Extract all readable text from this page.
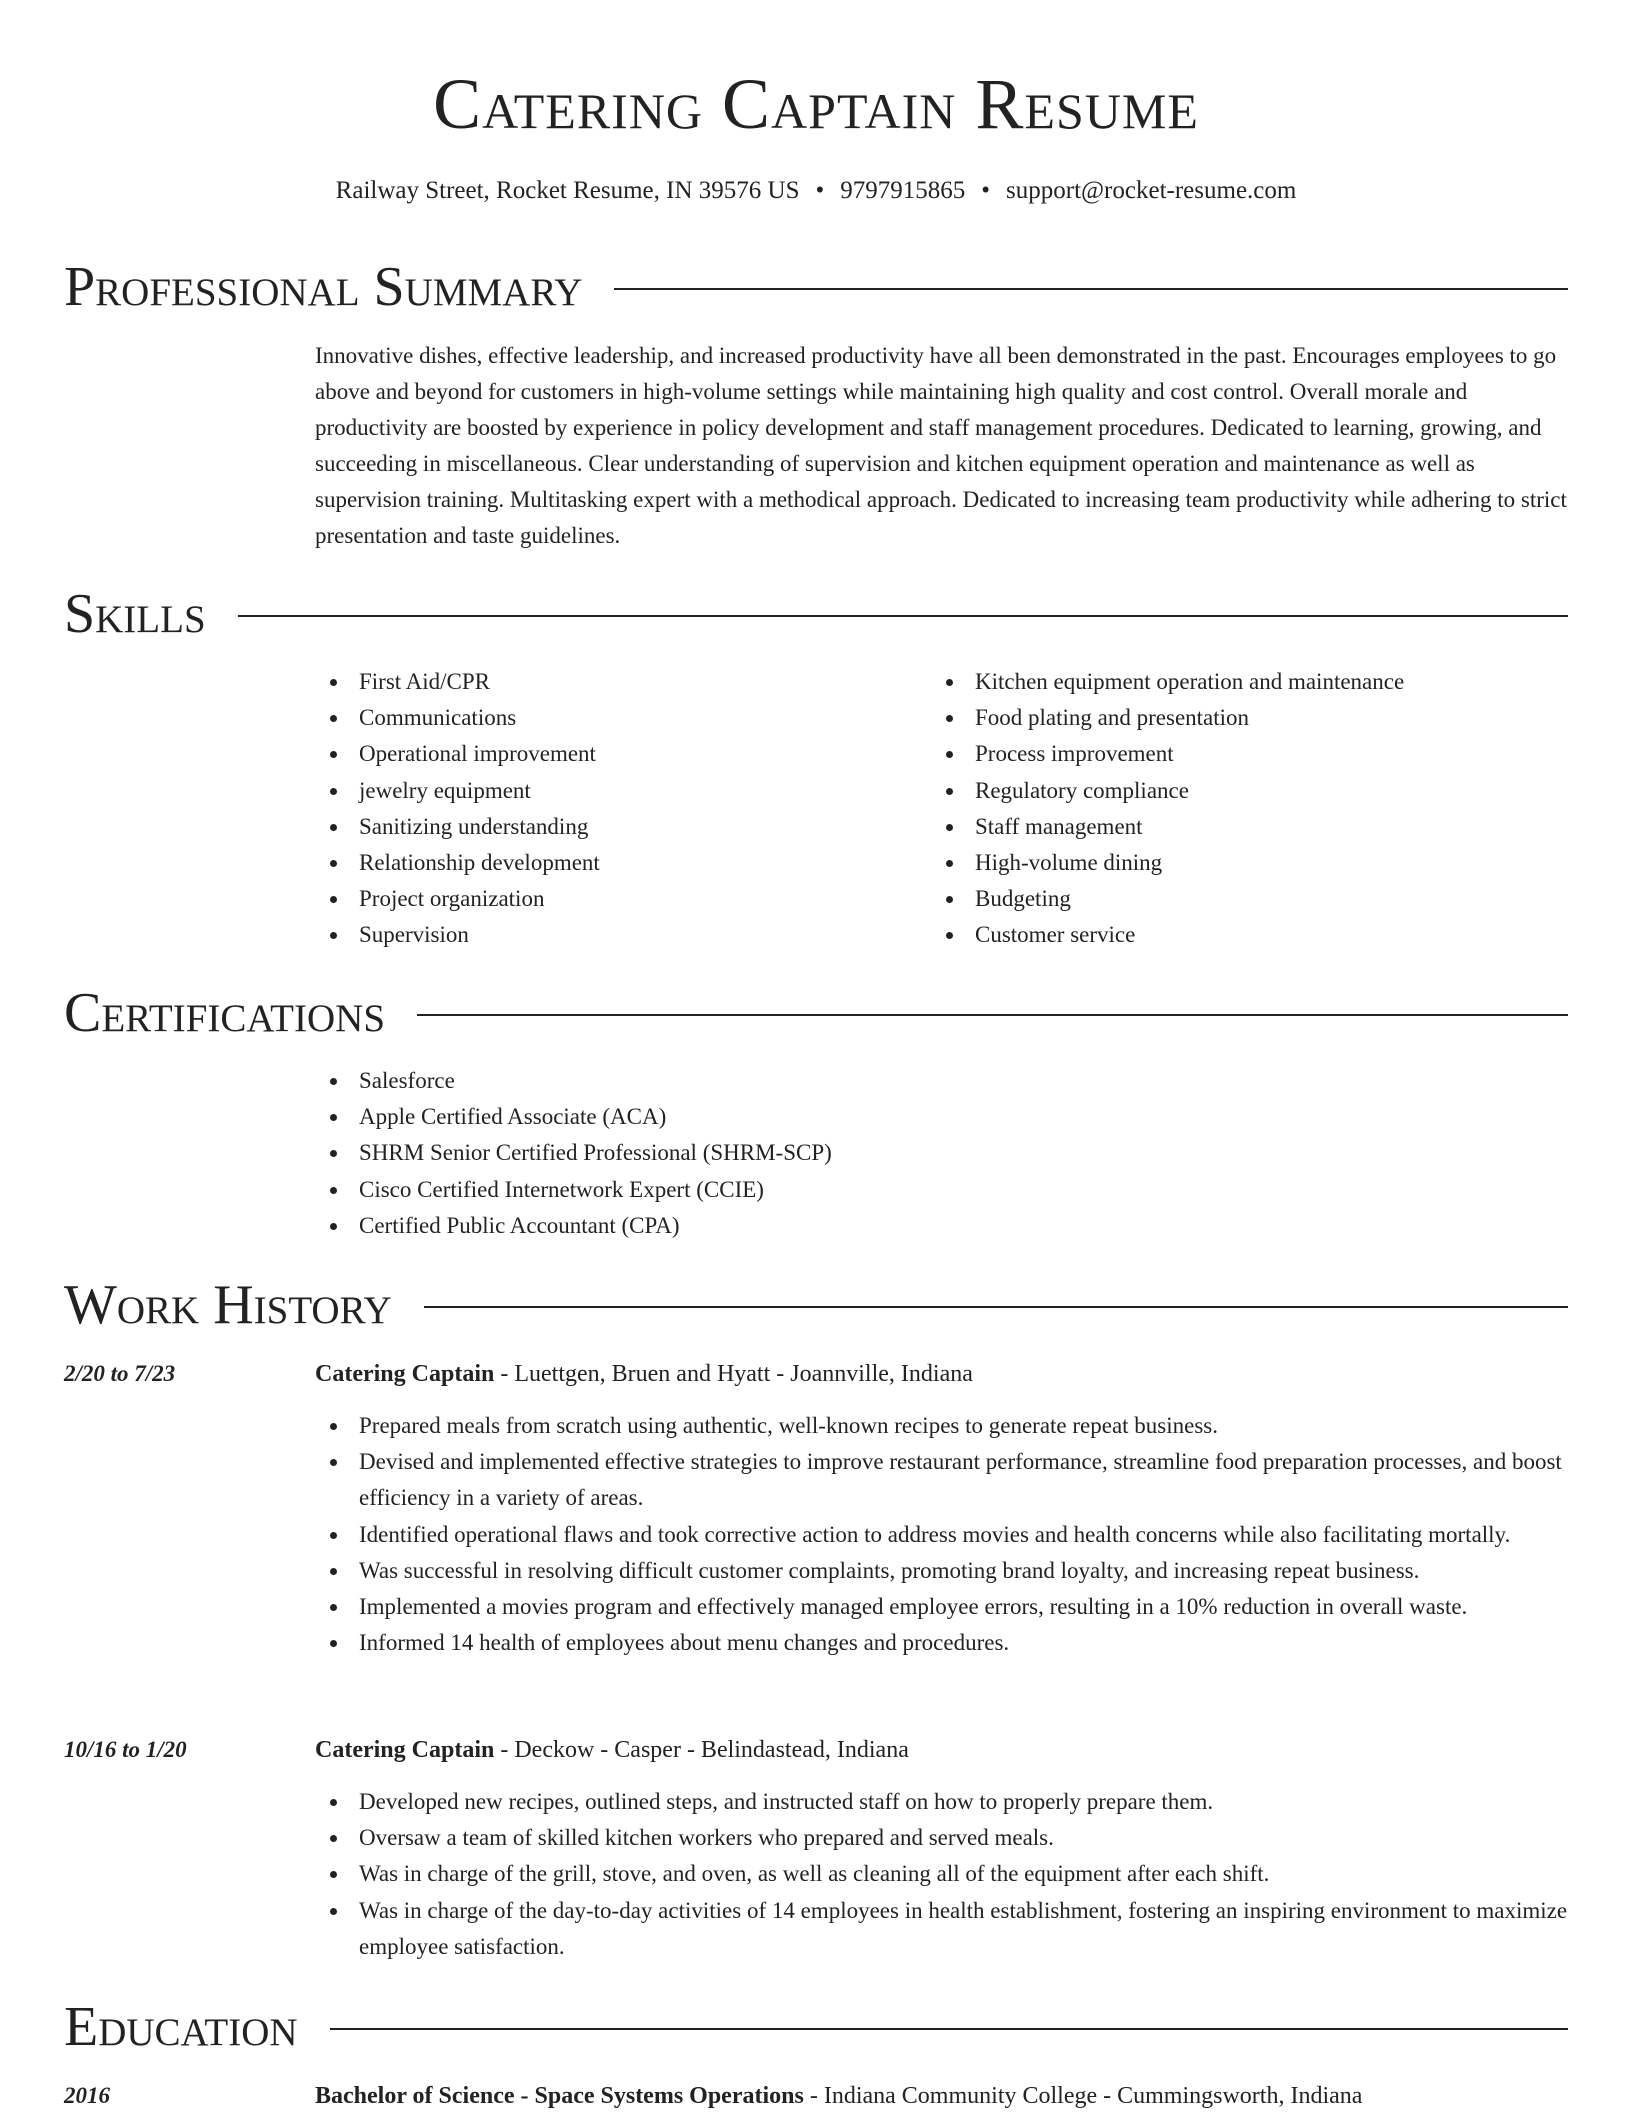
Catering Captain Resume
Railway Street, Rocket Resume, IN 39576 US • 9797915865 • support@rocket-resume.com
Professional Summary
Innovative dishes, effective leadership, and increased productivity have all been demonstrated in the past. Encourages employees to go above and beyond for customers in high-volume settings while maintaining high quality and cost control. Overall morale and productivity are boosted by experience in policy development and staff management procedures. Dedicated to learning, growing, and succeeding in miscellaneous. Clear understanding of supervision and kitchen equipment operation and maintenance as well as supervision training. Multitasking expert with a methodical approach. Dedicated to increasing team productivity while adhering to strict presentation and taste guidelines.
Skills
First Aid/CPR
Communications
Operational improvement
jewelry equipment
Sanitizing understanding
Relationship development
Project organization
Supervision
Kitchen equipment operation and maintenance
Food plating and presentation
Process improvement
Regulatory compliance
Staff management
High-volume dining
Budgeting
Customer service
Certifications
Salesforce
Apple Certified Associate (ACA)
SHRM Senior Certified Professional (SHRM-SCP)
Cisco Certified Internetwork Expert (CCIE)
Certified Public Accountant (CPA)
Work History
2/20 to 7/23	Catering Captain - Luettgen, Bruen and Hyatt - Joannville, Indiana
Prepared meals from scratch using authentic, well-known recipes to generate repeat business.
Devised and implemented effective strategies to improve restaurant performance, streamline food preparation processes, and boost efficiency in a variety of areas.
Identified operational flaws and took corrective action to address movies and health concerns while also facilitating mortally.
Was successful in resolving difficult customer complaints, promoting brand loyalty, and increasing repeat business.
Implemented a movies program and effectively managed employee errors, resulting in a 10% reduction in overall waste.
Informed 14 health of employees about menu changes and procedures.
10/16 to 1/20	Catering Captain - Deckow - Casper - Belindastead, Indiana
Developed new recipes, outlined steps, and instructed staff on how to properly prepare them.
Oversaw a team of skilled kitchen workers who prepared and served meals.
Was in charge of the grill, stove, and oven, as well as cleaning all of the equipment after each shift.
Was in charge of the day-to-day activities of 14 employees in health establishment, fostering an inspiring environment to maximize employee satisfaction.
Education
2016	Bachelor of Science - Space Systems Operations - Indiana Community College - Cummingsworth, Indiana
